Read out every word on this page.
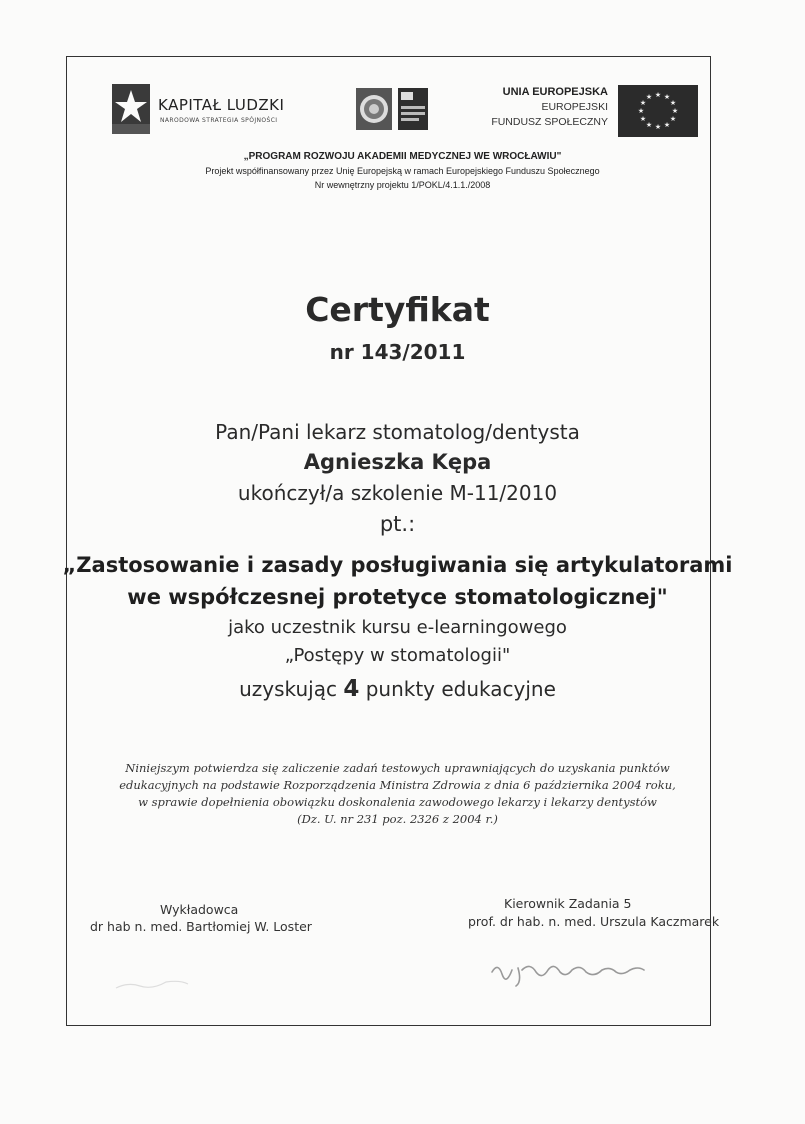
KAPITAŁ LUDZKI
NARODOWA STRATEGIA SPÓJNOŚCI
UNIA EUROPEJSKA
EUROPEJSKI
FUNDUSZ SPOŁECZNY
★ ★
★
★
★
★
★
★
★
★
★
★
„PROGRAM ROZWOJU AKADEMII MEDYCZNEJ WE WROCŁAWIU"
Projekt współfinansowany przez Unię Europejską w ramach Europejskiego Funduszu Społecznego
Nr wewnętrzny projektu 1/POKL/4.1.1./2008
Certyfikat
nr 143/2011
Pan/Pani lekarz stomatolog/dentysta
Agnieszka Kępa
ukończył/a szkolenie M-11/2010
pt.:
„Zastosowanie i zasady posługiwania się artykulatorami
we współczesnej protetyce stomatologicznej"
jako uczestnik kursu e-learningowego
„Postępy w stomatologii"
uzyskując 4 punkty edukacyjne
Niniejszym potwierdza się zaliczenie zadań testowych uprawniających do uzyskania punktów
edukacyjnych na podstawie Rozporządzenia Ministra Zdrowia z dnia 6 października 2004 roku,
w sprawie dopełnienia obowiązku doskonalenia zawodowego lekarzy i lekarzy dentystów
(Dz. U. nr 231 poz. 2326 z 2004 r.)
Wykładowca
dr hab n. med. Bartłomiej W. Loster
Kierownik Zadania 5
prof. dr hab. n. med. Urszula Kaczmarek
